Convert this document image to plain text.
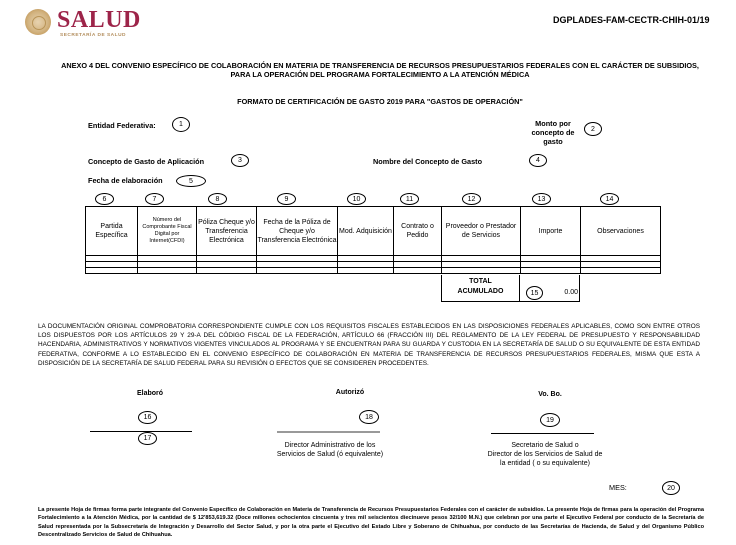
SALUD
SECRETARÍA DE SALUD
DGPLADES-FAM-CECTR-CHIH-01/19
ANEXO 4 DEL CONVENIO ESPECÍFICO DE COLABORACIÓN EN MATERIA DE TRANSFERENCIA DE RECURSOS PRESUPUESTARIOS FEDERALES CON EL CARÁCTER DE SUBSIDIOS,
PARA LA OPERACIÓN DEL PROGRAMA FORTALECIMIENTO A LA ATENCIÓN MÉDICA
FORMATO DE CERTIFICACIÓN DE GASTO 2019 PARA "GASTOS DE OPERACIÓN"
Entidad Federativa:	1	Monto por
concepto de
gasto
2
Concepto de Gasto de Aplicación	3	Nombre del Concepto de Gasto	4
Fecha de elaboración	5
6	7	8	9	10	11	12	13	14
Partida Específica	Número del Comprobante Fiscal Digital por Internet(CFDI)	Póliza Cheque y/o Transferencia Electrónica	Fecha de la Póliza de Cheque y/o Transferencia Electrónica	Mod. Adquisición	Contrato o Pedido	Proveedor o Prestador de Servicios	Importe	Observaciones

TOTAL
ACUMULADO	15	0.00
LA DOCUMENTACIÓN ORIGINAL COMPROBATORIA CORRESPONDIENTE CUMPLE CON LOS REQUISITOS FISCALES ESTABLECIDOS EN LAS DISPOSICIONES FEDERALES APLICABLES, COMO SON ENTRE OTROS LOS DISPUESTOS POR LOS ARTÍCULOS 29 Y 29-A DEL CÓDIGO FISCAL DE LA FEDERACIÓN, ARTÍCULO 66 (FRACCIÓN III) DEL REGLAMENTO DE LA LEY FEDERAL DE PRESUPUESTO Y RESPONSABILIDAD HACENDARIA, ADMINISTRATIVOS Y NORMATIVOS VIGENTES VINCULADOS AL PROGRAMA Y SE ENCUENTRAN PARA SU GUARDA Y CUSTODIA EN LA SECRETARÍA DE SALUD O SU EQUIVALENTE DE ESTA ENTIDAD FEDERATIVA, CONFORME A LO ESTABLECIDO EN EL CONVENIO ESPECÍFICO DE COLABORACIÓN EN MATERIA DE TRANSFERENCIA DE RECURSOS PRESUPUESTARIOS FEDERALES, MISMA QUE ESTA A DISPOSICIÓN DE LA SECRETARÍA DE SALUD FEDERAL PARA SU REVISIÓN O EFECTOS QUE SE CONSIDEREN PROCEDENTES.
Elaboró
16
17
Autorizó
18
Director Administrativo de los
Servicios de Salud (ó equivalente)
Vo. Bo.
19
Secretario de Salud o
Director de los Servicios de Salud de
la entidad ( o su equivalente)
MES:	20
La presente Hoja de firmas forma parte integrante del Convenio Específico de Colaboración en Materia de Transferencia de Recursos Presupuestarios Federales con el carácter de subsidios. La presente Hoja de firmas para la operación del Programa Fortalecimiento a la Atención Médica, por la cantidad de $ 12'853,619.32 (Doce millones ochocientos cincuenta y tres mil seiscientos diecinueve pesos 32/100 M.N.) que celebran por una parte el Ejecutivo Federal por conducto de la Secretaría de Salud representada por la Subsecretaría de Integración y Desarrollo del Sector Salud, y por la otra parte el Ejecutivo del Estado Libre y Soberano de Chihuahua, por conducto de las Secretarías de Hacienda, de Salud y del Organismo Público Descentralizado Servicios de Salud de Chihuahua.
